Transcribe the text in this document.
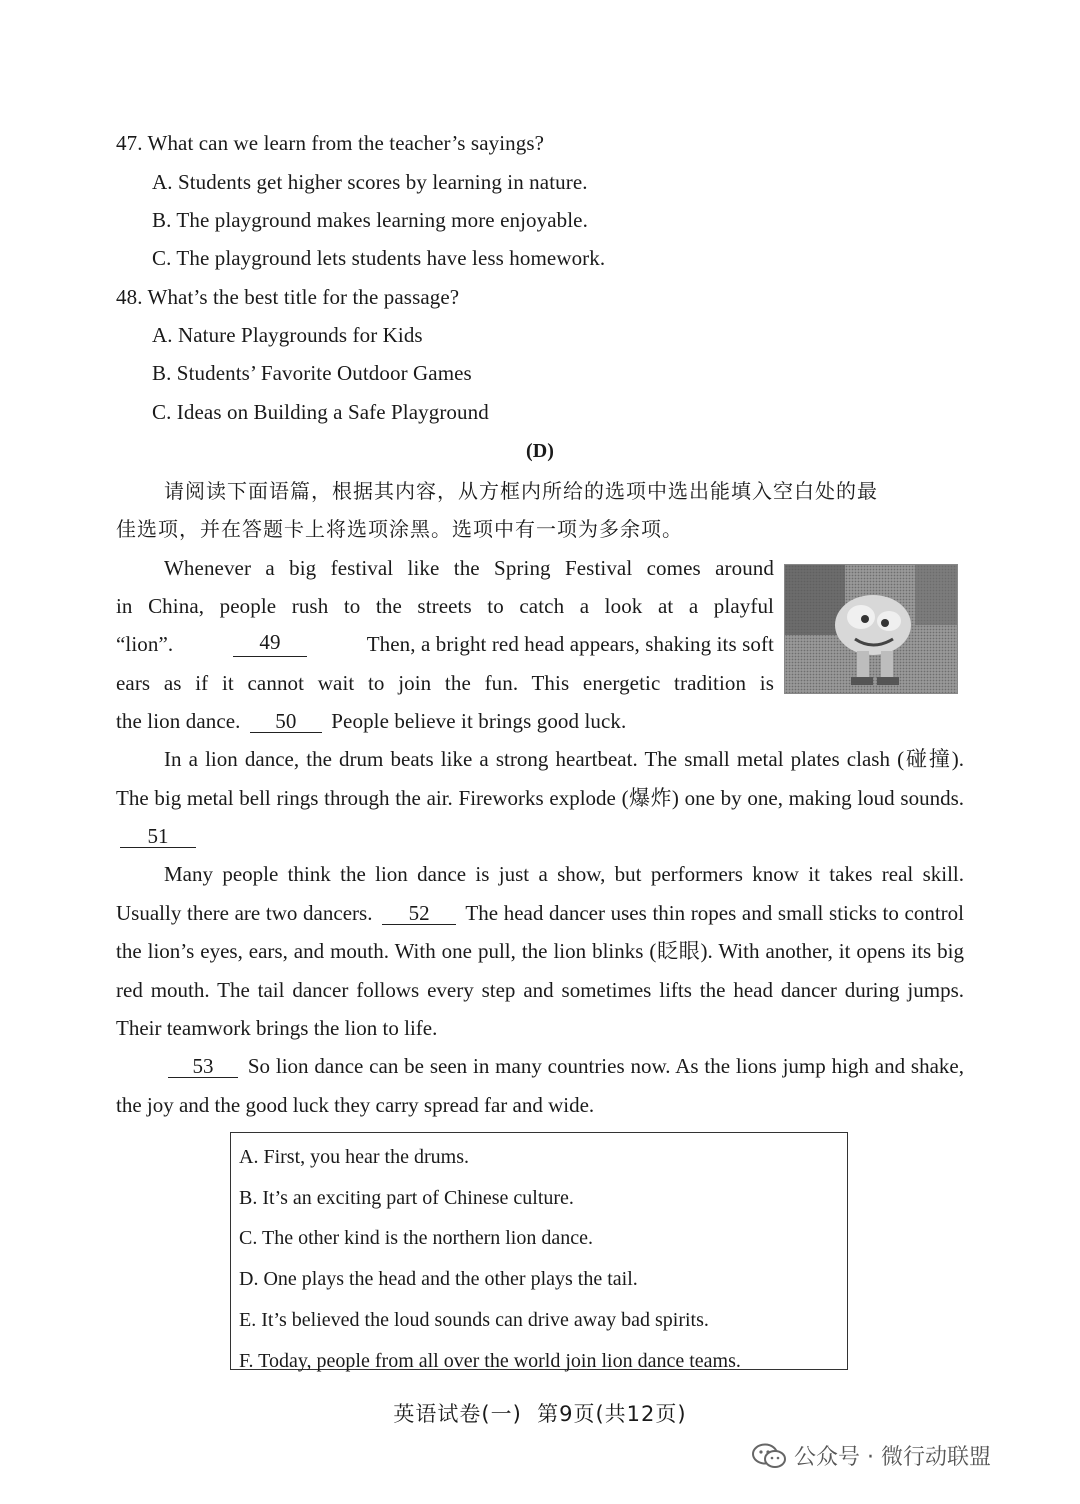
47. What can we learn from the teacher’s sayings?
A. Students get higher scores by learning in nature.
B. The playground makes learning more enjoyable.
C. The playground lets students have less homework.
48. What’s the best title for the passage?
A. Nature Playgrounds for Kids
B. Students’ Favorite Outdoor Games
C. Ideas on Building a Safe Playground
(D)
请阅读下面语篇，根据其内容，从方框内所给的选项中选出能填入空白处的最
佳选项，并在答题卡上将选项涂黑。选项中有一项为多余项。
Whenever a big festival like the Spring Festival comes around
in China, people rush to the streets to catch a look at a playful
“lion”.	49	Then, a bright red head appears, shaking its soft
ears as if it cannot wait to join the fun. This energetic tradition is
the lion dance. 50 People believe it brings good luck.
In a lion dance, the drum beats like a strong heartbeat. The small metal plates clash (碰撞). The big metal bell rings through the air. Fireworks explode (爆炸) one by one, making loud sounds. 51
Many people think the lion dance is just a show, but performers know it takes real skill. Usually there are two dancers. 52 The head dancer uses thin ropes and small sticks to control the lion’s eyes, ears, and mouth. With one pull, the lion blinks (眨眼). With another, it opens its big red mouth. The tail dancer follows every step and sometimes lifts the head dancer during jumps. Their teamwork brings the lion to life.
53 So lion dance can be seen in many countries now. As the lions jump high and shake, the joy and the good luck they carry spread far and wide.
A. First, you hear the drums.
B. It’s an exciting part of Chinese culture.
C. The other kind is the northern lion dance.
D. One plays the head and the other plays the tail.
E. It’s believed the loud sounds can drive away bad spirits.
F. Today, people from all over the world join lion dance teams.
英语试卷(一)  第9页(共12页)
公众号 · 微行动联盟
